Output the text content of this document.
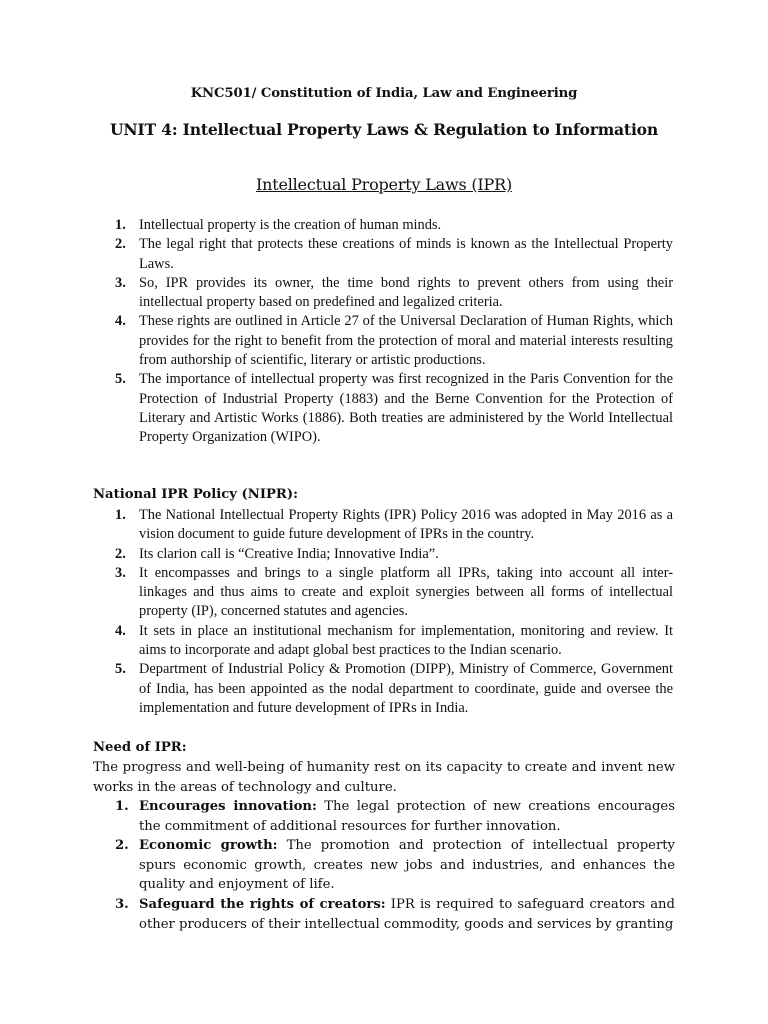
KNC501/ Constitution of India, Law and Engineering
UNIT 4: Intellectual Property Laws & Regulation to Information
Intellectual Property Laws (IPR)
1. Intellectual property is the creation of human minds.
2. The legal right that protects these creations of minds is known as the Intellectual Property Laws.
3. So, IPR provides its owner, the time bond rights to prevent others from using their intellectual property based on predefined and legalized criteria.
4. These rights are outlined in Article 27 of the Universal Declaration of Human Rights, which provides for the right to benefit from the protection of moral and material interests resulting from authorship of scientific, literary or artistic productions.
5. The importance of intellectual property was first recognized in the Paris Convention for the Protection of Industrial Property (1883) and the Berne Convention for the Protection of Literary and Artistic Works (1886). Both treaties are administered by the World Intellectual Property Organization (WIPO).
National IPR Policy (NIPR):
1. The National Intellectual Property Rights (IPR) Policy 2016 was adopted in May 2016 as a vision document to guide future development of IPRs in the country.
2. Its clarion call is “Creative India; Innovative India”.
3. It encompasses and brings to a single platform all IPRs, taking into account all inter-linkages and thus aims to create and exploit synergies between all forms of intellectual property (IP), concerned statutes and agencies.
4. It sets in place an institutional mechanism for implementation, monitoring and review. It aims to incorporate and adapt global best practices to the Indian scenario.
5. Department of Industrial Policy & Promotion (DIPP), Ministry of Commerce, Government of India, has been appointed as the nodal department to coordinate, guide and oversee the implementation and future development of IPRs in India.
Need of IPR:
The progress and well-being of humanity rest on its capacity to create and invent new works in the areas of technology and culture.
1. Encourages innovation: The legal protection of new creations encourages the commitment of additional resources for further innovation.
2. Economic growth: The promotion and protection of intellectual property spurs economic growth, creates new jobs and industries, and enhances the quality and enjoyment of life.
3. Safeguard the rights of creators: IPR is required to safeguard creators and other producers of their intellectual commodity, goods and services by granting
